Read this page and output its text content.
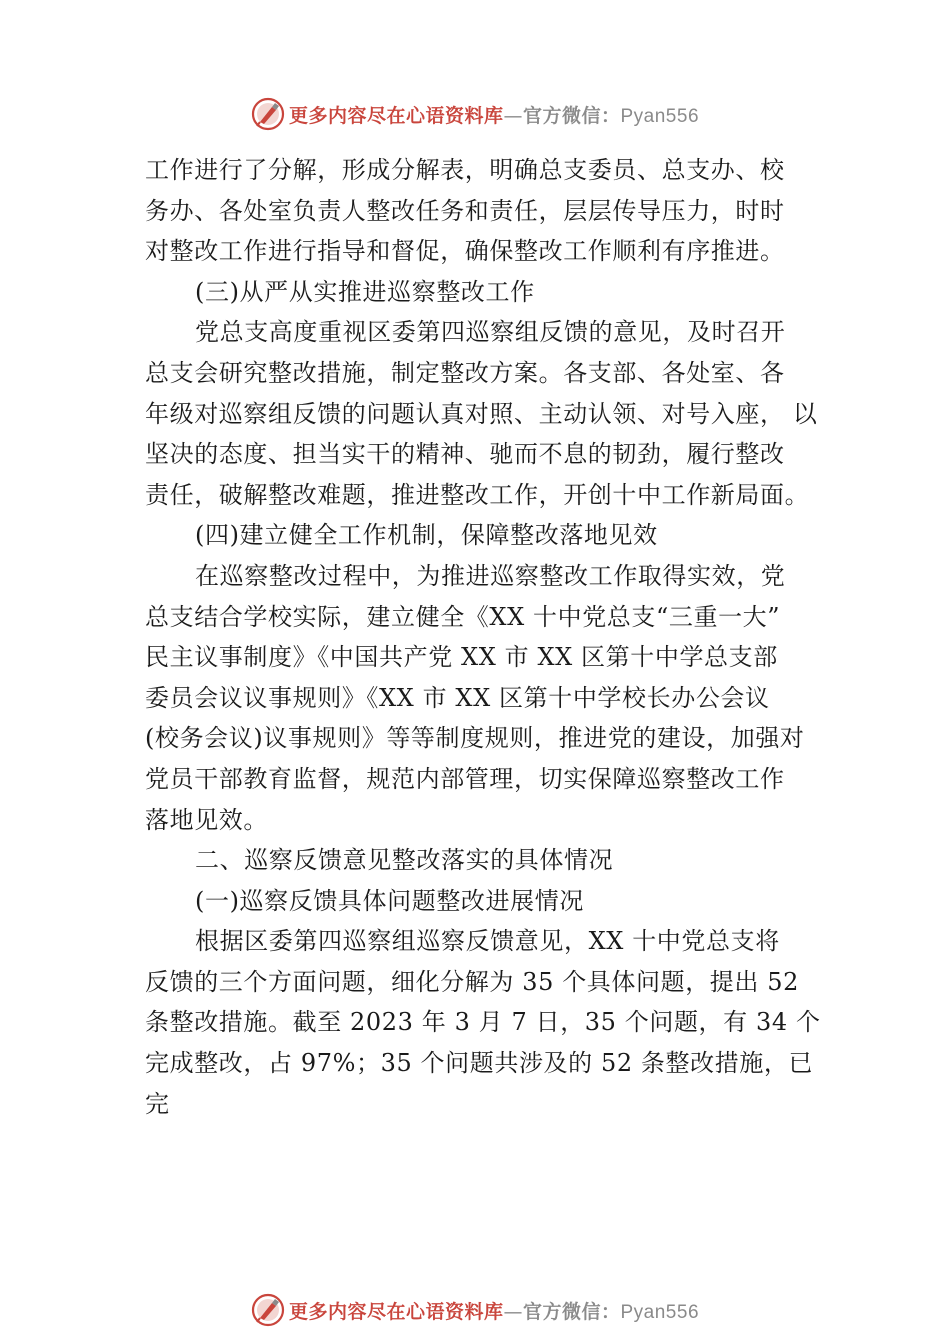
更多内容尽在心语资料库—官方微信：Pyan556
工作进行了分解，形成分解表，明确总支委员、总支办、校
务办、各处室负责人整改任务和责任，层层传导压力，时时
对整改工作进行指导和督促，确保整改工作顺利有序推进。
(三)从严从实推进巡察整改工作
党总支高度重视区委第四巡察组反馈的意见，及时召开
总支会研究整改措施，制定整改方案。各支部、各处室、各
年级对巡察组反馈的问题认真对照、主动认领、对号入座， 以
坚决的态度、担当实干的精神、驰而不息的韧劲，履行整改
责任，破解整改难题，推进整改工作，开创十中工作新局面。
(四)建立健全工作机制，保障整改落地见效
在巡察整改过程中，为推进巡察整改工作取得实效，党
总支结合学校实际，建立健全《XX 十中党总支“三重一大”
民主议事制度》《中国共产党 XX 市 XX 区第十中学总支部
委员会议议事规则》《XX 市 XX 区第十中学校长办公会议
(校务会议)议事规则》等等制度规则，推进党的建设，加强对
党员干部教育监督，规范内部管理，切实保障巡察整改工作
落地见效。
二、巡察反馈意见整改落实的具体情况
(一)巡察反馈具体问题整改进展情况
根据区委第四巡察组巡察反馈意见，XX 十中党总支将
反馈的三个方面问题，细化分解为 35 个具体问题，提出 52
条整改措施。截至 2023 年 3 月 7 日，35 个问题，有 34 个
完成整改，占 97%；35 个问题共涉及的 52 条整改措施，已
完
更多内容尽在心语资料库—官方微信：Pyan556
